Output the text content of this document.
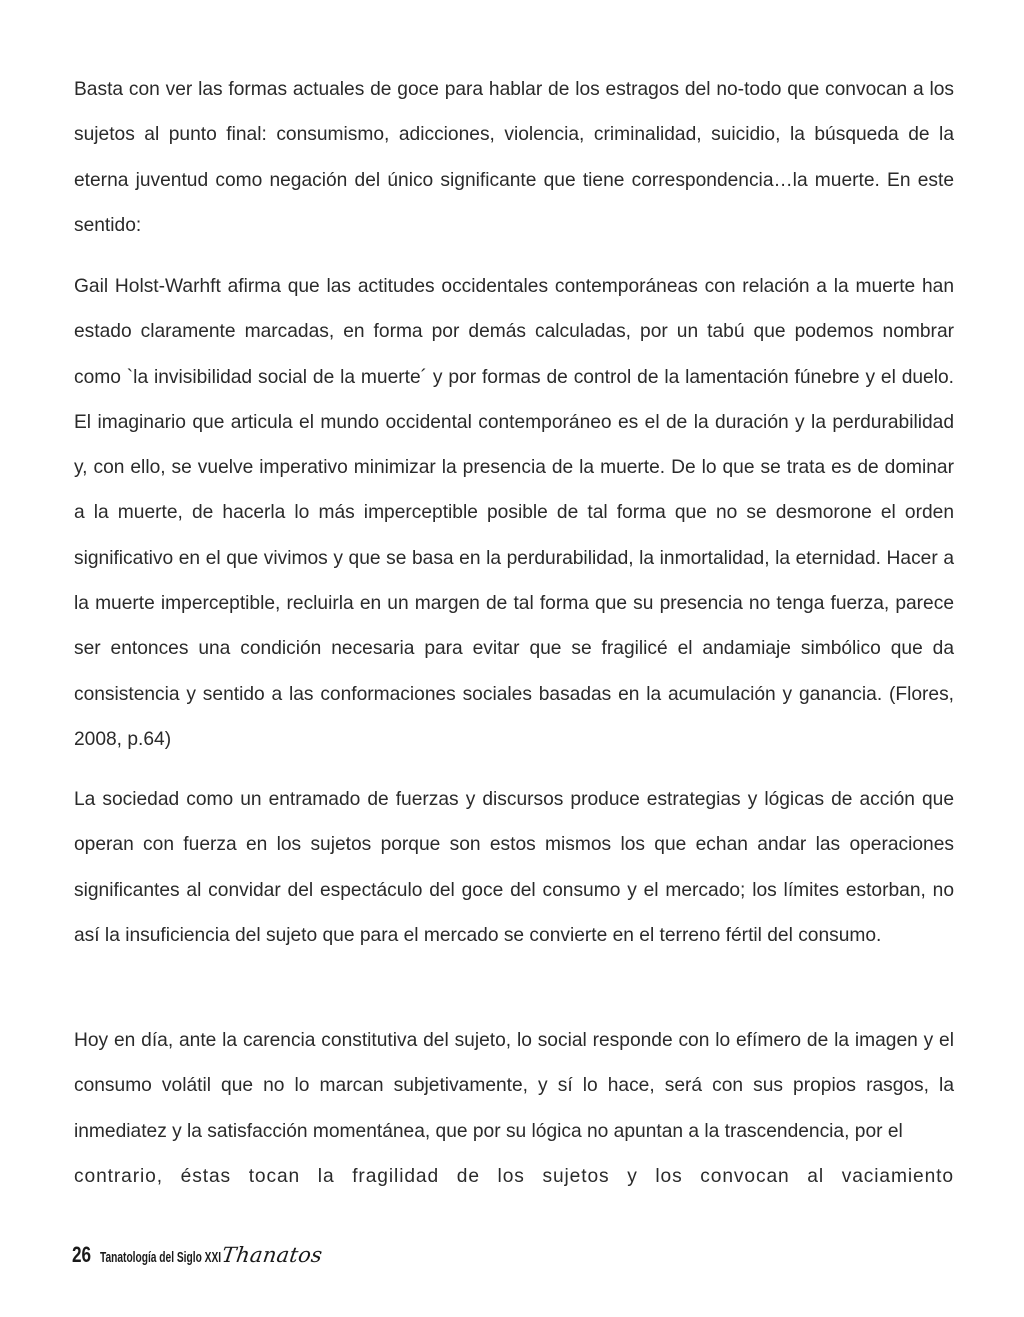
Basta con ver las formas actuales de goce para hablar de los estragos del no-todo que convocan a los sujetos al punto final: consumismo, adicciones, violencia, criminalidad, suicidio, la búsqueda de la eterna juventud como negación del único significante que tiene correspondencia…la muerte. En este sentido:

Gail Holst-Warhft afirma que las actitudes occidentales contemporáneas con relación a la muerte han estado claramente marcadas, en forma por demás calculadas, por un tabú que podemos nombrar como `la invisibilidad social de la muerte´ y por formas de control de la lamentación fúnebre y el duelo. El imaginario que articula el mundo occidental contemporáneo es el de la duración y la perdurabilidad y, con ello, se vuelve imperativo minimizar la presencia de la muerte. De lo que se trata es de dominar a la muerte, de hacerla lo más imperceptible posible de tal forma que no se desmorone el orden significativo en el que vivimos y que se basa en la perdurabilidad, la inmortalidad, la eternidad. Hacer a la muerte imperceptible, recluirla en un margen de tal forma que su presencia no tenga fuerza, parece ser entonces una condición necesaria para evitar que se fragilicé el andamiaje simbólico que da consistencia y sentido a las conformaciones sociales basadas en la acumulación y ganancia. (Flores, 2008, p.64)

La sociedad como un entramado de fuerzas y discursos produce estrategias y lógicas de acción que operan con fuerza en los sujetos porque son estos mismos los que echan andar las operaciones significantes al convidar del espectáculo del goce del consumo y el mercado; los límites estorban, no así la insuficiencia del sujeto que para el mercado se convierte en el terreno fértil del consumo.

Hoy en día, ante la carencia constitutiva del sujeto, lo social responde con lo efímero de la imagen y el consumo volátil que no lo marcan subjetivamente, y sí lo hace, será con sus propios rasgos, la inmediatez y la satisfacción momentánea, que por su lógica no apuntan a la trascendencia, por el
contrario, éstas tocan la fragilidad de los sujetos y los convocan al vaciamiento
26 Tanatología del Siglo XXI Thanatos
